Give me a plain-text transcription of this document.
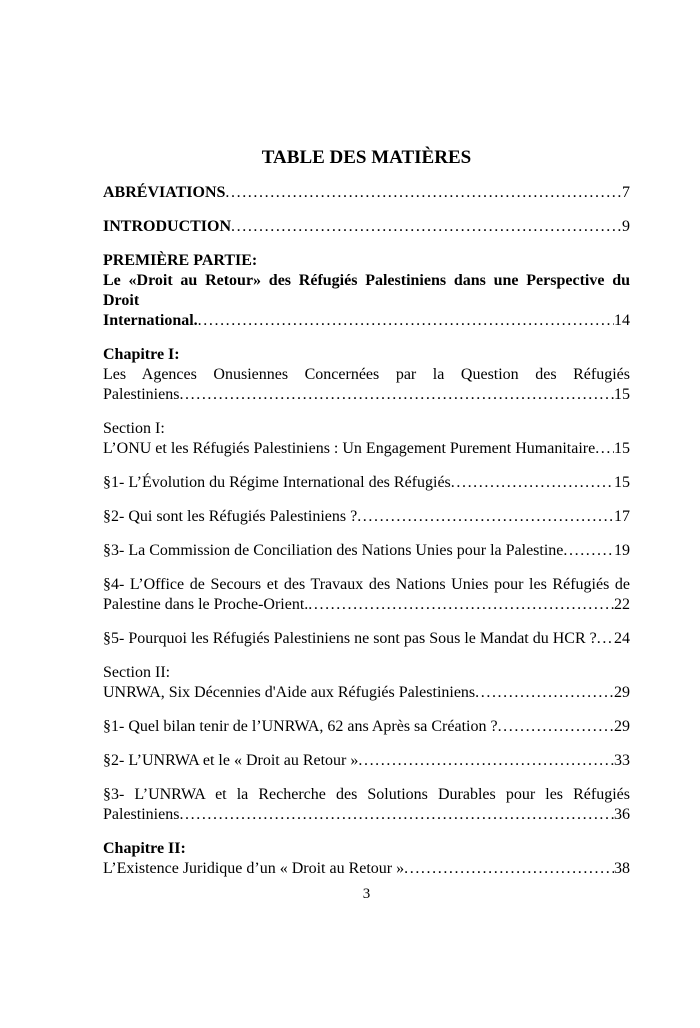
TABLE DES MATIÈRES
ABRÉVIATIONS .....	7
INTRODUCTION .....	9
PREMIÈRE PARTIE:
Le «Droit au Retour» des Réfugiés Palestiniens dans une Perspective du Droit
International. .....	14
Chapitre I:
Les Agences Onusiennes Concernées par la Question des Réfugiés
Palestiniens .....	15
Section I:
L’ONU et les Réfugiés Palestiniens : Un Engagement Purement Humanitaire ..... 15
§1- L’Évolution du Régime International des Réfugiés .....	15
§2- Qui sont les Réfugiés Palestiniens ? .....	17
§3- La Commission de Conciliation des Nations Unies pour la Palestine .....	19
§4- L’Office de Secours et des Travaux des Nations Unies pour les Réfugiés de
Palestine dans le Proche-Orient. .....	22
§5- Pourquoi les Réfugiés Palestiniens ne sont pas Sous le Mandat du HCR ? ..... 24
Section II:
UNRWA, Six Décennies d'Aide aux Réfugiés Palestiniens .....	29
§1- Quel bilan tenir de l’UNRWA, 62 ans Après sa Création ? .....	29
§2- L’UNRWA et le « Droit au Retour » .....	33
§3- L’UNRWA et la Recherche des Solutions Durables pour les Réfugiés
Palestiniens .....	36
Chapitre II:
L’Existence Juridique d’un « Droit au Retour » .....	38
3
